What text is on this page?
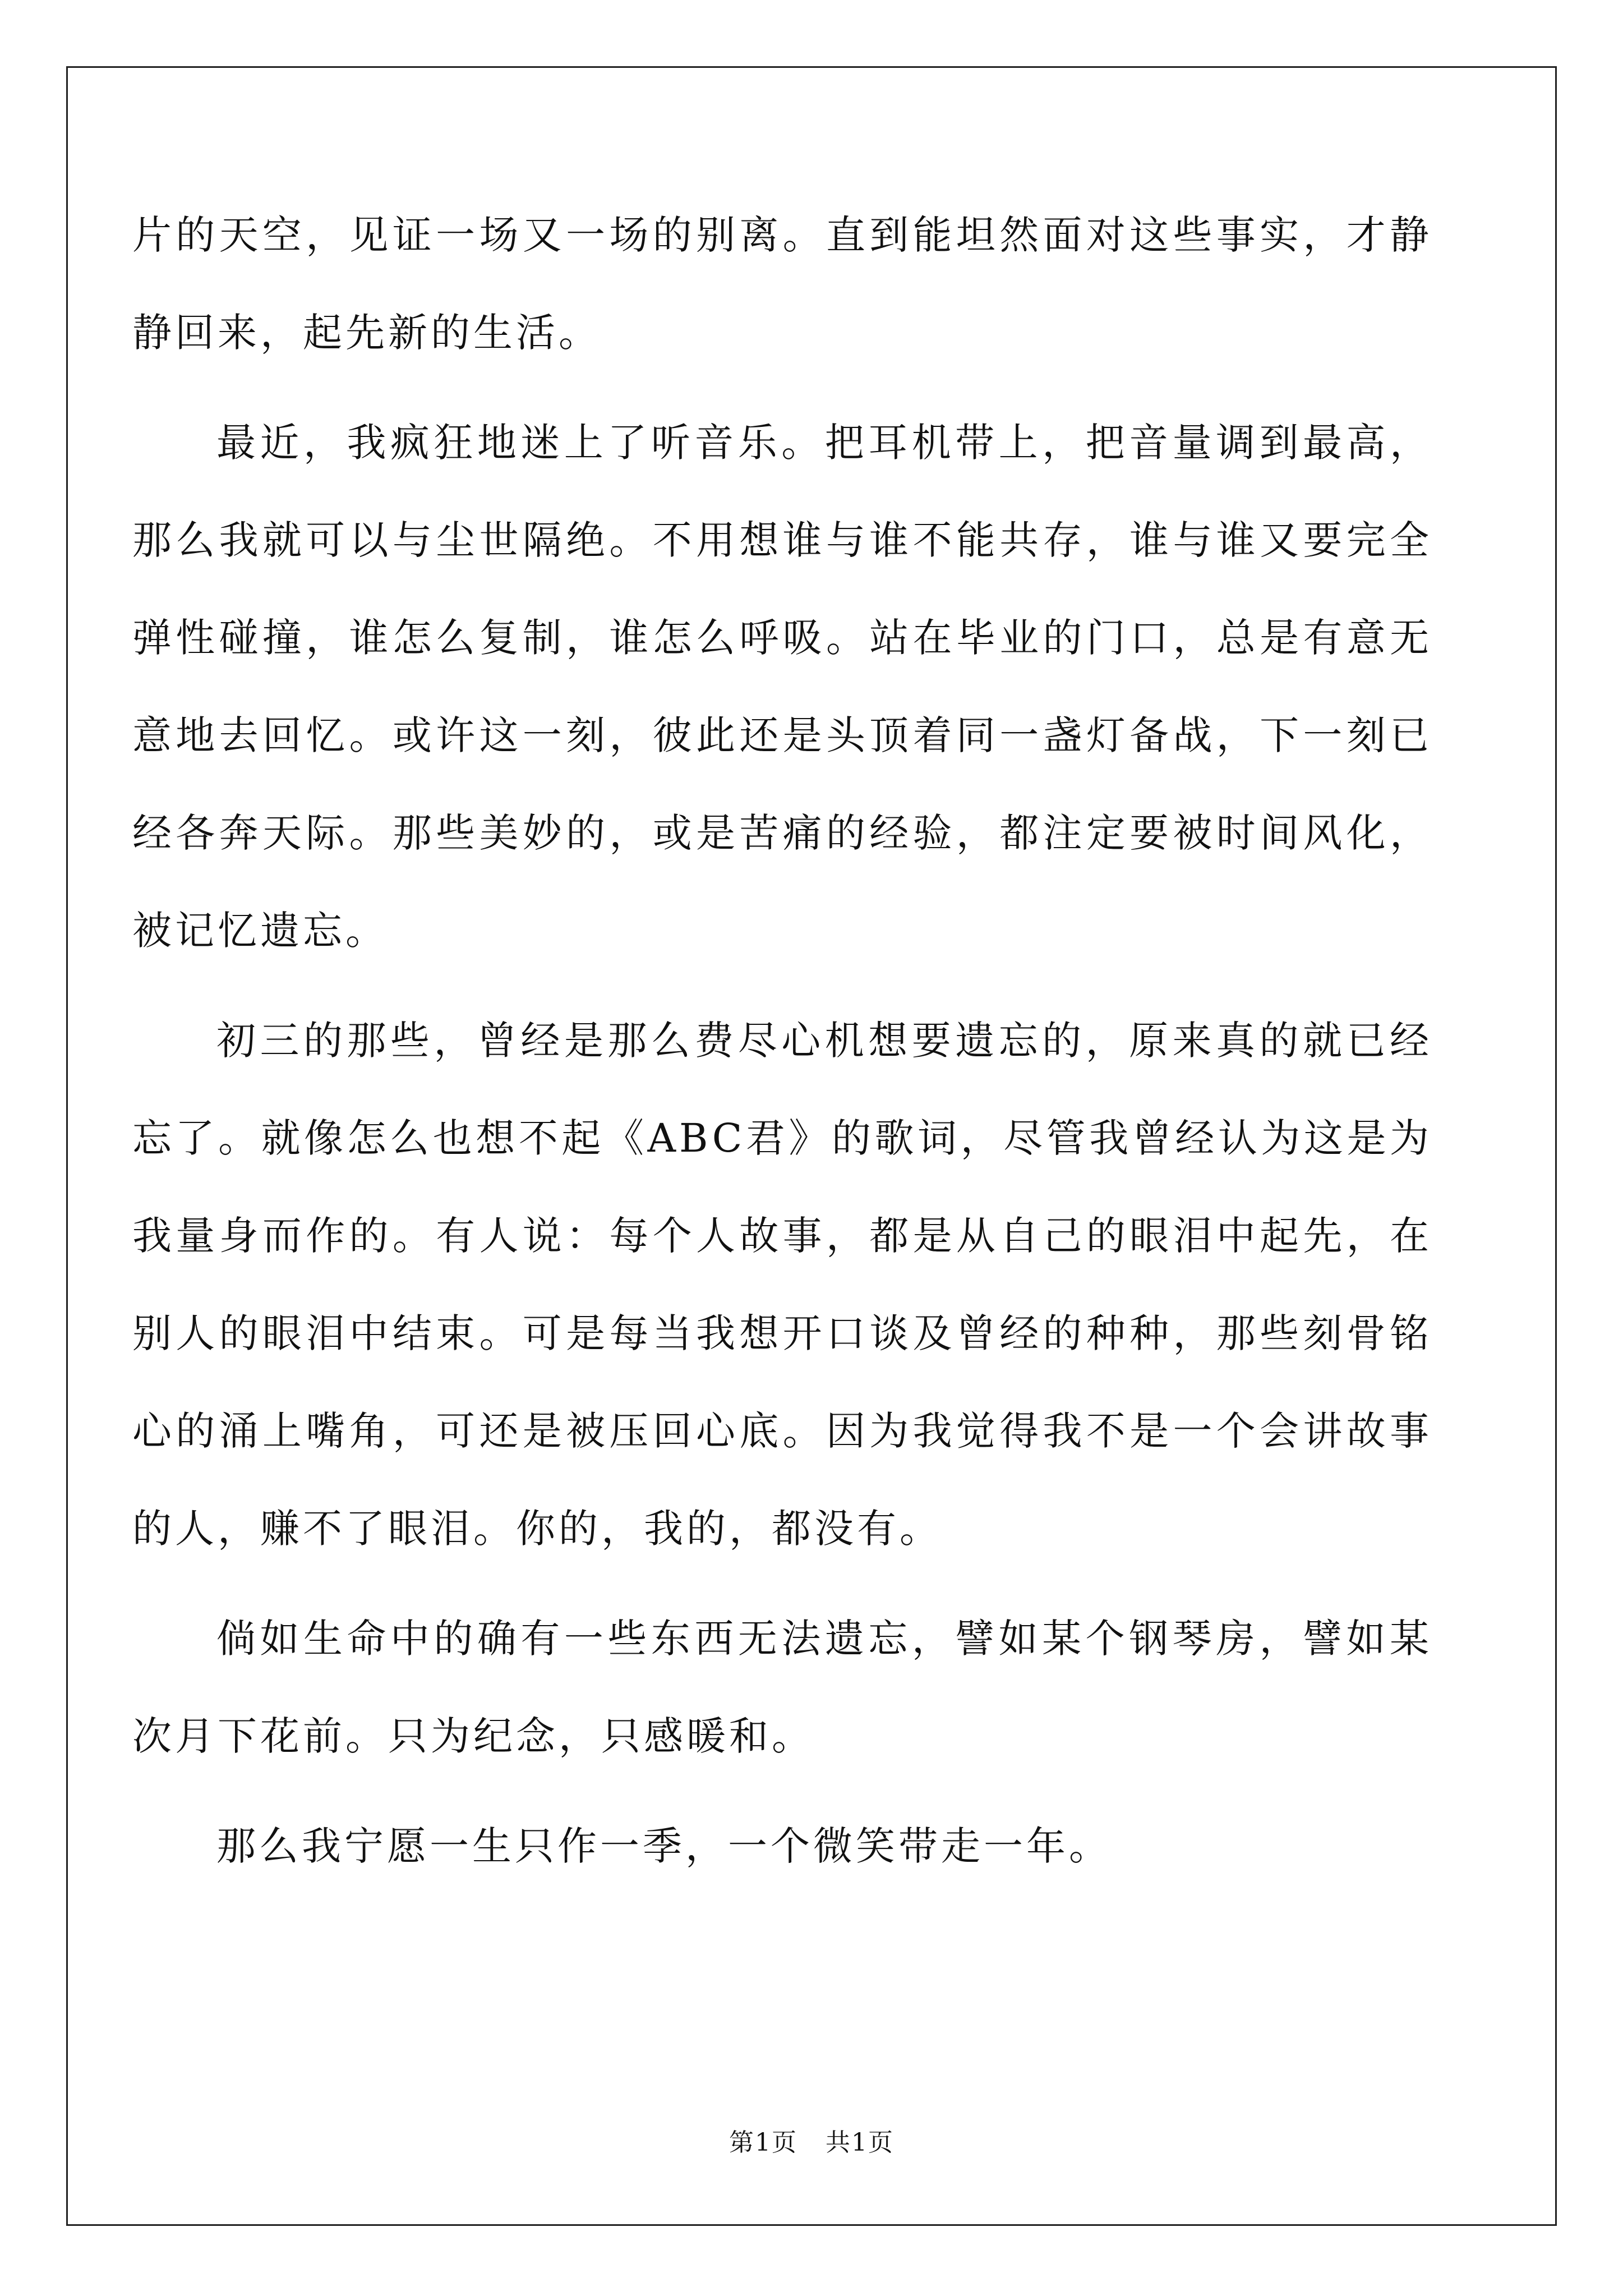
片的天空，见证一场又一场的别离。直到能坦然面对这些事实，才静静回来，起先新的生活。

最近，我疯狂地迷上了听音乐。把耳机带上，把音量调到最高，那么我就可以与尘世隔绝。不用想谁与谁不能共存，谁与谁又要完全弹性碰撞，谁怎么复制，谁怎么呼吸。站在毕业的门口，总是有意无意地去回忆。或许这一刻，彼此还是头顶着同一盏灯备战，下一刻已经各奔天际。那些美妙的，或是苦痛的经验，都注定要被时间风化，被记忆遗忘。

初三的那些，曾经是那么费尽心机想要遗忘的，原来真的就已经忘了。就像怎么也想不起《ABC君》的歌词，尽管我曾经认为这是为我量身而作的。有人说：每个人故事，都是从自己的眼泪中起先，在别人的眼泪中结束。可是每当我想开口谈及曾经的种种，那些刻骨铭心的涌上嘴角，可还是被压回心底。因为我觉得我不是一个会讲故事的人，赚不了眼泪。你的，我的，都没有。

倘如生命中的确有一些东西无法遗忘，譬如某个钢琴房，譬如某次月下花前。只为纪念，只感暖和。

那么我宁愿一生只作一季，一个微笑带走一年。

第1页 共1页
